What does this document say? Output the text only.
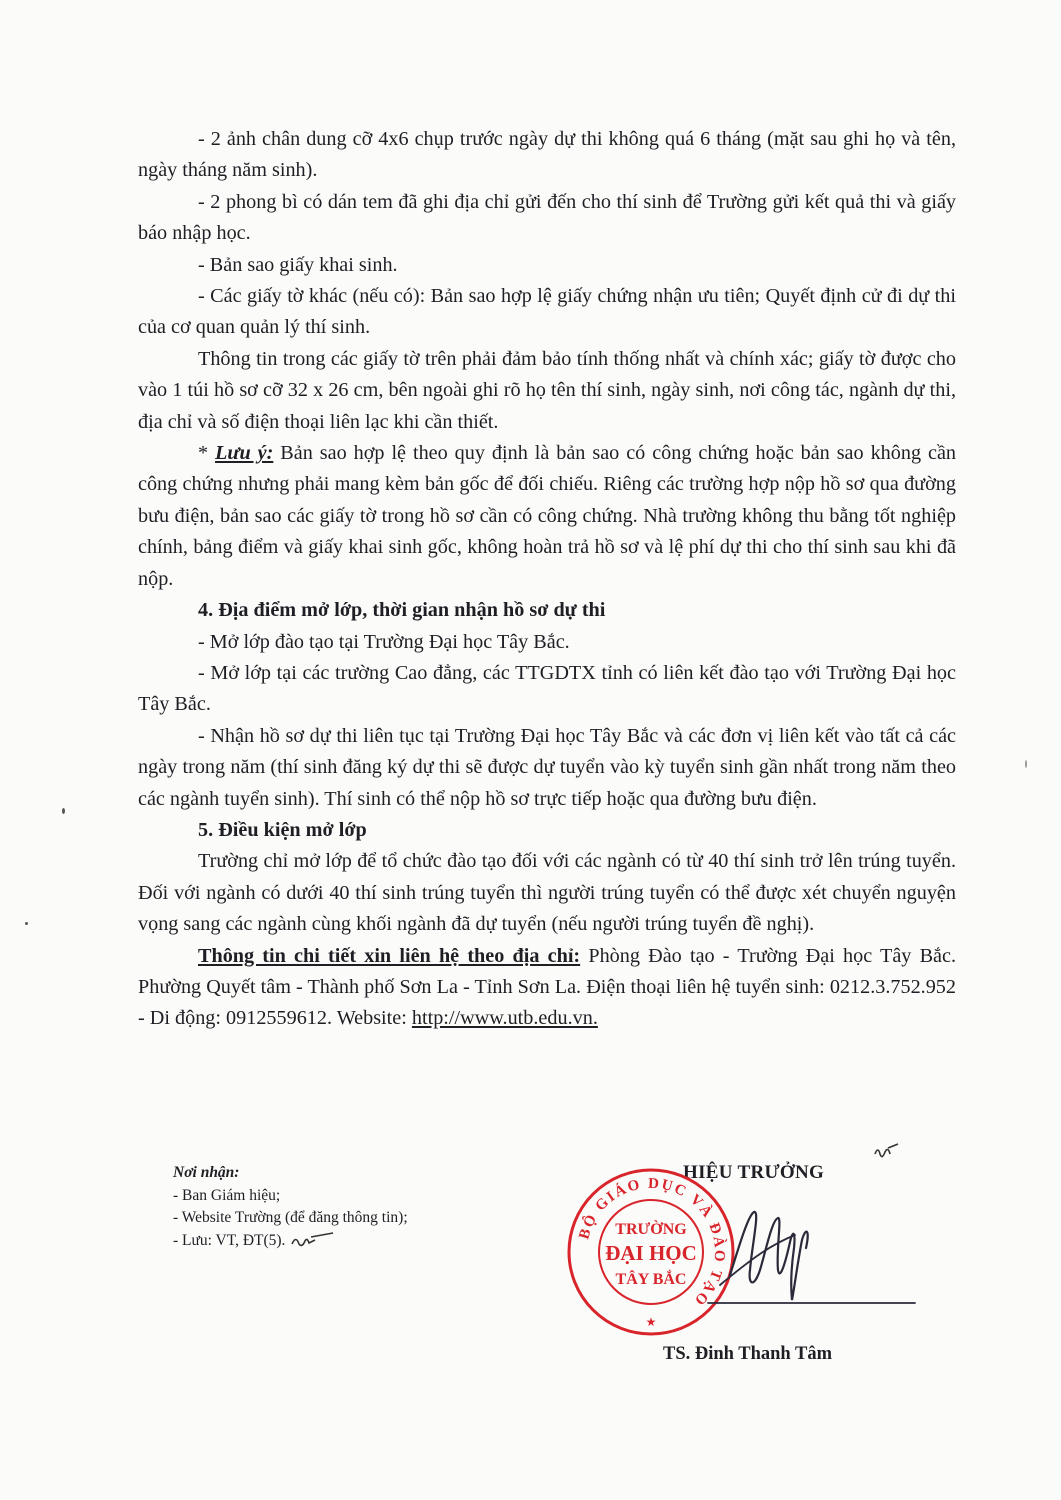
- 2 ảnh chân dung cỡ 4x6 chụp trước ngày dự thi không quá 6 tháng (mặt sau ghi họ và tên, ngày tháng năm sinh).

- 2 phong bì có dán tem đã ghi địa chỉ gửi đến cho thí sinh để Trường gửi kết quả thi và giấy báo nhập học.

- Bản sao giấy khai sinh.

- Các giấy tờ khác (nếu có): Bản sao hợp lệ giấy chứng nhận ưu tiên; Quyết định cử đi dự thi của cơ quan quản lý thí sinh.

Thông tin trong các giấy tờ trên phải đảm bảo tính thống nhất và chính xác; giấy tờ được cho vào 1 túi hồ sơ cỡ 32 x 26 cm, bên ngoài ghi rõ họ tên thí sinh, ngày sinh, nơi công tác, ngành dự thi, địa chỉ và số điện thoại liên lạc khi cần thiết.

* Lưu ý: Bản sao hợp lệ theo quy định là bản sao có công chứng hoặc bản sao không cần công chứng nhưng phải mang kèm bản gốc để đối chiếu. Riêng các trường hợp nộp hồ sơ qua đường bưu điện, bản sao các giấy tờ trong hồ sơ cần có công chứng. Nhà trường không thu bằng tốt nghiệp chính, bảng điểm và giấy khai sinh gốc, không hoàn trả hồ sơ và lệ phí dự thi cho thí sinh sau khi đã nộp.

4. Địa điểm mở lớp, thời gian nhận hồ sơ dự thi

- Mở lớp đào tạo tại Trường Đại học Tây Bắc.

- Mở lớp tại các trường Cao đẳng, các TTGDTX tỉnh có liên kết đào tạo với Trường Đại học Tây Bắc.

- Nhận hồ sơ dự thi liên tục tại Trường Đại học Tây Bắc và các đơn vị liên kết vào tất cả các ngày trong năm (thí sinh đăng ký dự thi sẽ được dự tuyển vào kỳ tuyển sinh gần nhất trong năm theo các ngành tuyển sinh). Thí sinh có thể nộp hồ sơ trực tiếp hoặc qua đường bưu điện.

5. Điều kiện mở lớp

Trường chỉ mở lớp để tổ chức đào tạo đối với các ngành có từ 40 thí sinh trở lên trúng tuyển. Đối với ngành có dưới 40 thí sinh trúng tuyển thì người trúng tuyển có thể được xét chuyển nguyện vọng sang các ngành cùng khối ngành đã dự tuyển (nếu người trúng tuyển đề nghị).

Thông tin chi tiết xin liên hệ theo địa chỉ: Phòng Đào tạo - Trường Đại học Tây Bắc. Phường Quyết tâm - Thành phố Sơn La - Tỉnh Sơn La. Điện thoại liên hệ tuyển sinh: 0212.3.752.952 - Di động: 0912559612. Website: http://www.utb.edu.vn.

Nơi nhận:
- Ban Giám hiệu;
- Website Trường (để đăng thông tin);
- Lưu: VT, ĐT(5).
HIỆU TRƯỞNG
BỘ GIÁO DỤC VÀ ĐÀO TẠO
TRƯỜNG
ĐẠI HỌC
TÂY BẮC
★
TS. Đinh Thanh Tâm
